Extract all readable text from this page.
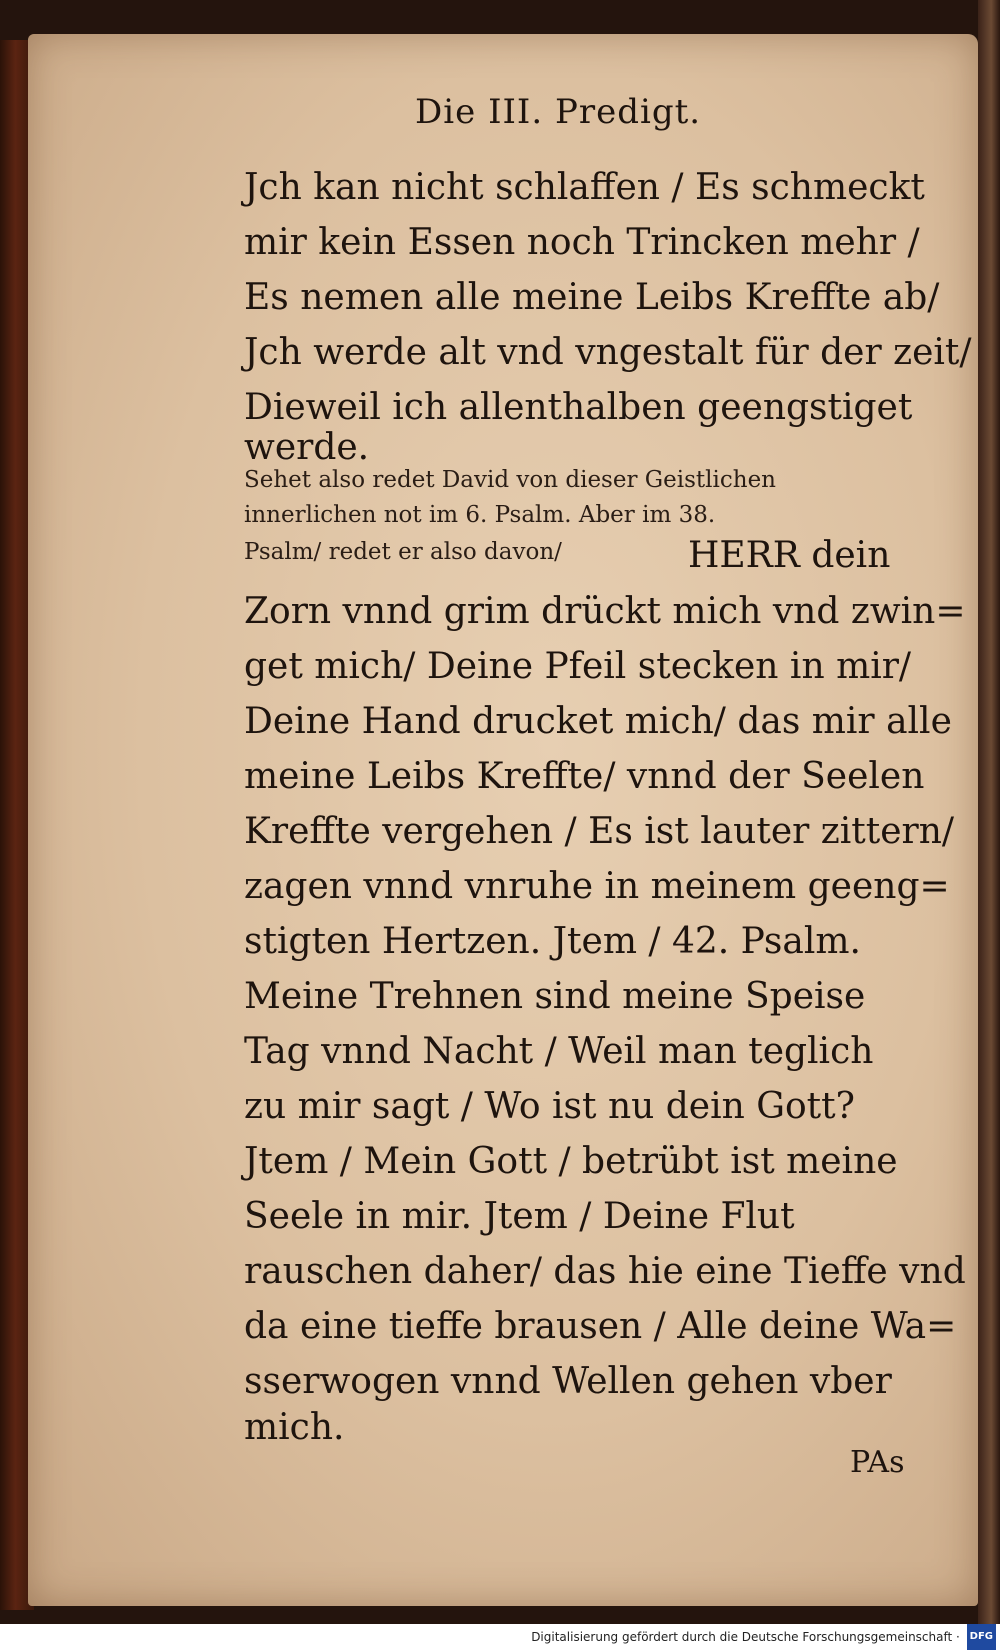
Die III. Predigt.
Jch kan nicht schlaffen / Es schmeckt
mir kein Essen noch Trincken mehr /
Es nemen alle meine Leibs Kreffte ab/
Jch werde alt vnd vngestalt für der zeit/
Dieweil ich allenthalben geengstiget
werde.
Sehet also redet David von dieser Geistlichen
innerlichen not im 6. Psalm. Aber im 38.
Psalm/ redet er also davon/	HERR dein
Zorn vnnd grim drückt mich vnd zwin=
get mich/ Deine Pfeil stecken in mir/
Deine Hand drucket mich/ das mir alle
meine Leibs Kreffte/ vnnd der Seelen
Kreffte vergehen / Es ist lauter zittern/
zagen vnnd vnruhe in meinem geeng=
stigten Hertzen. Jtem / 42. Psalm.
Meine Trehnen sind meine Speise
Tag vnnd Nacht / Weil man teglich
zu mir sagt / Wo ist nu dein Gott?
Jtem / Mein Gott / betrübt ist meine
Seele in mir. Jtem / Deine Flut
rauschen daher/ das hie eine Tieffe vnd
da eine tieffe brausen / Alle deine Wa=
sserwogen vnnd Wellen gehen vber
mich.
PAs
Digitalisierung gefördert durch die Deutsche Forschungsgemeinschaft · DFG
